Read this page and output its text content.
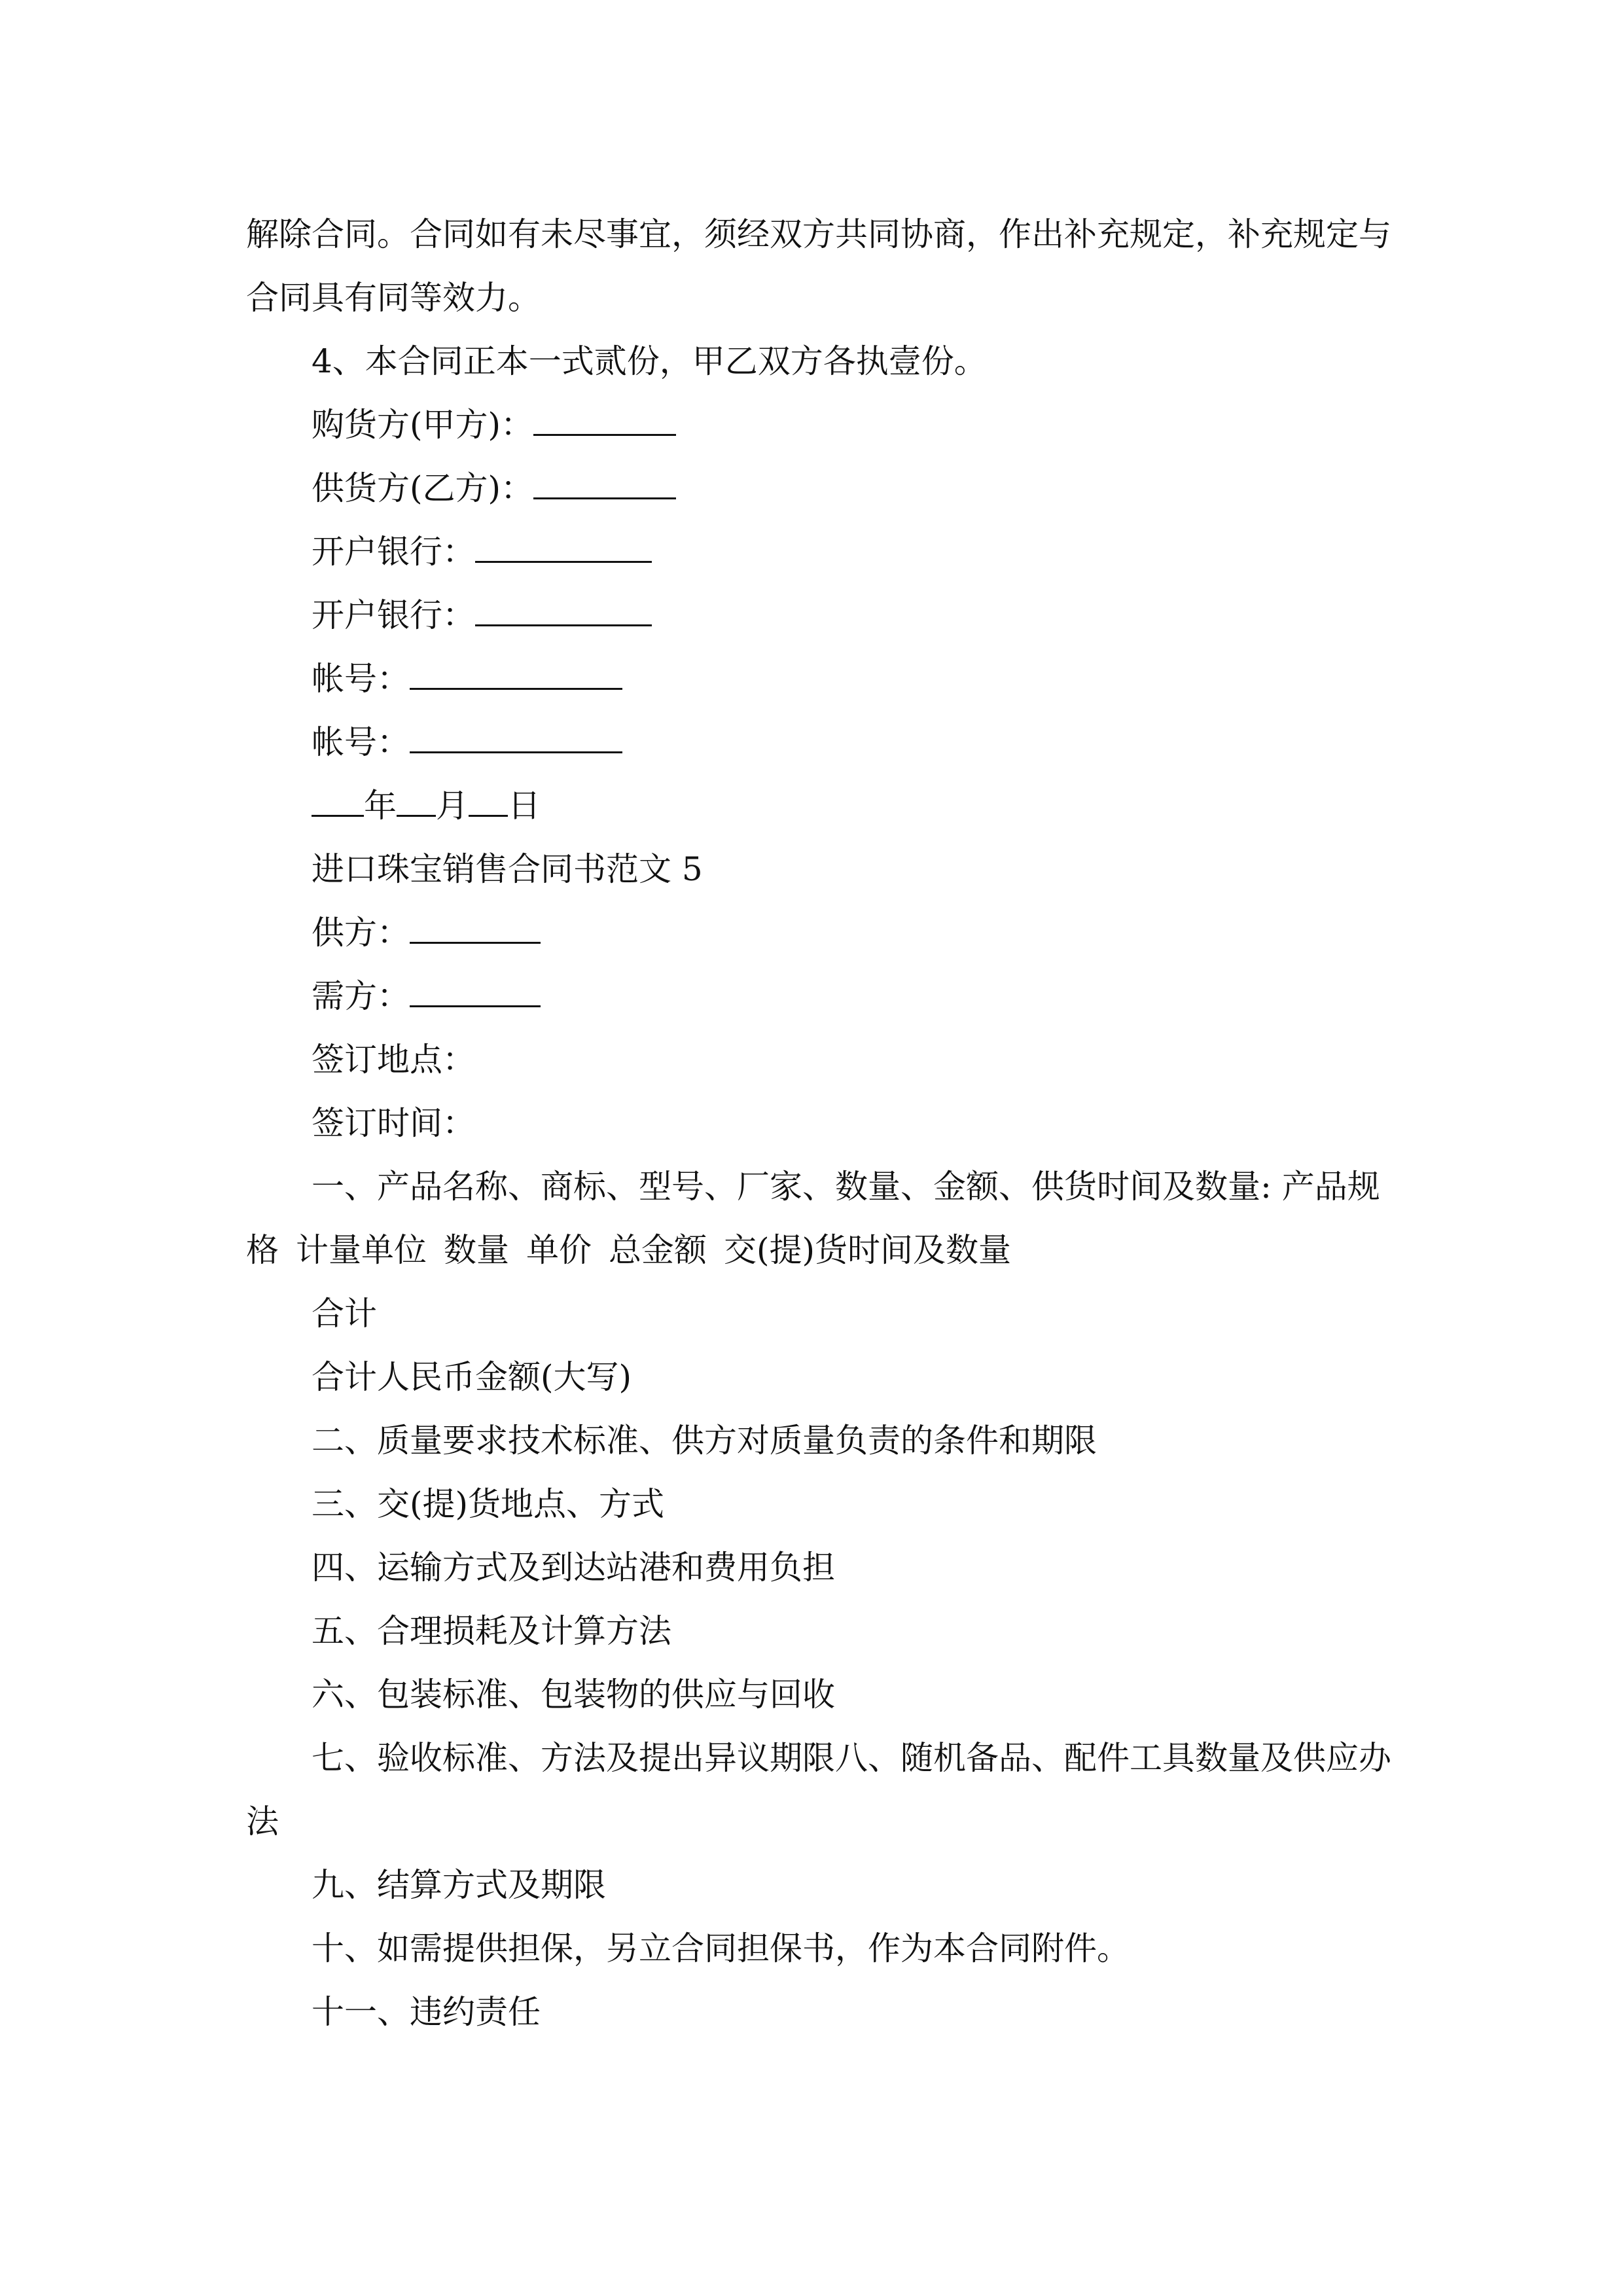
解除合同。合同如有未尽事宜，须经双方共同协商，作出补充规定，补充规定与
合同具有同等效力。

4、本合同正本一式贰份，甲乙双方各执壹份。

购货方(甲方)：

供货方(乙方)：

开户银行：

开户银行：

帐号：

帐号：

年 月 日

进口珠宝销售合同书范文 5

供方：

需方：

签订地点：

签订时间：

一、产品名称、商标、型号、厂家、数量、金额、供货时间及数量: 产品规
格 计量单位 数量 单价 总金额 交(提)货时间及数量

合计

合计人民币金额(大写)

二、质量要求技术标准、供方对质量负责的条件和期限

三、交(提)货地点、方式

四、运输方式及到达站港和费用负担

五、合理损耗及计算方法

六、包装标准、包装物的供应与回收

七、验收标准、方法及提出异议期限八、随机备品、配件工具数量及供应办
法

九、结算方式及期限

十、如需提供担保，另立合同担保书，作为本合同附件。

十一、违约责任
